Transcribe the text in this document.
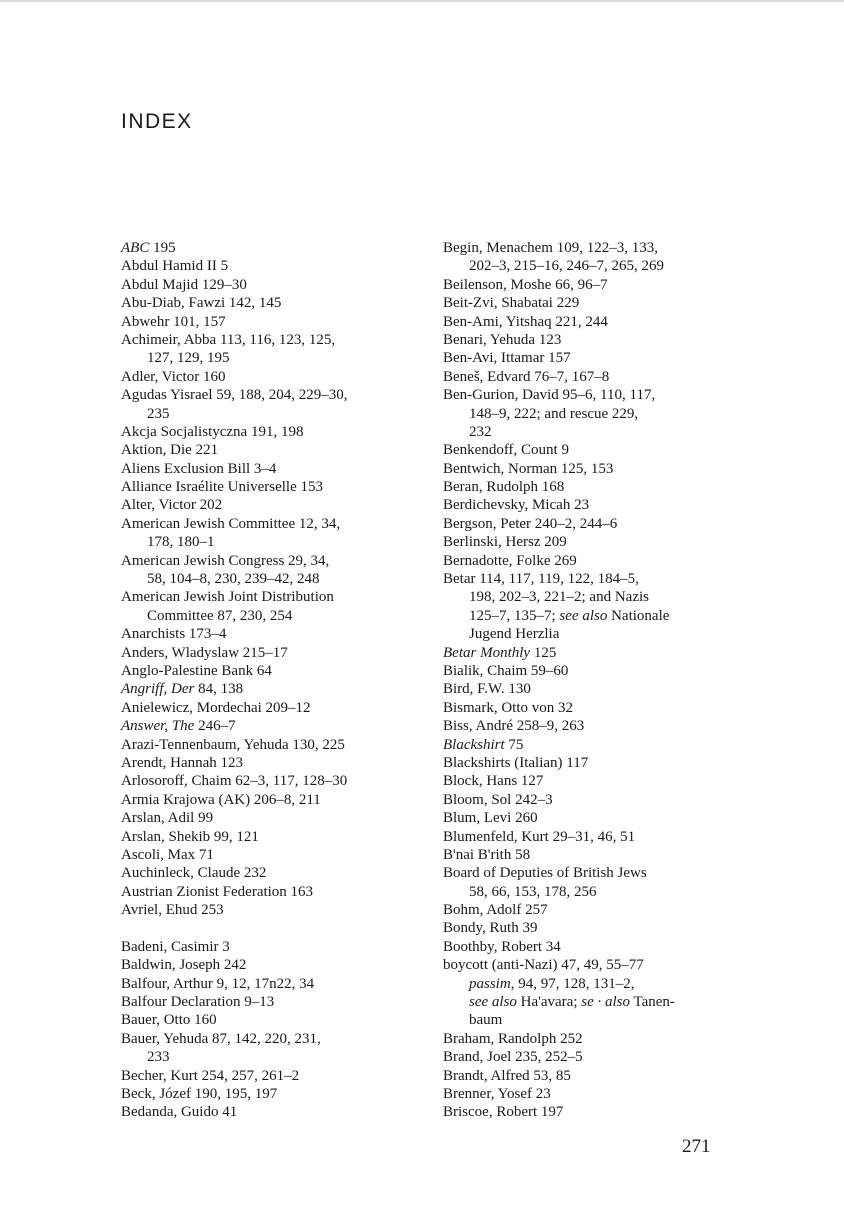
INDEX
ABC 195
Abdul Hamid II 5
Abdul Majid 129–30
Abu-Diab, Fawzi 142, 145
Abwehr 101, 157
Achimeir, Abba 113, 116, 123, 125,
127, 129, 195
Adler, Victor 160
Agudas Yisrael 59, 188, 204, 229–30,
235
Akcja Socjalistyczna 191, 198
Aktion, Die 221
Aliens Exclusion Bill 3–4
Alliance Israélite Universelle 153
Alter, Victor 202
American Jewish Committee 12, 34,
178, 180–1
American Jewish Congress 29, 34,
58, 104–8, 230, 239–42, 248
American Jewish Joint Distribution
Committee 87, 230, 254
Anarchists 173–4
Anders, Wladyslaw 215–17
Anglo-Palestine Bank 64
Angriff, Der 84, 138
Anielewicz, Mordechai 209–12
Answer, The 246–7
Arazi-Tennenbaum, Yehuda 130, 225
Arendt, Hannah 123
Arlosoroff, Chaim 62–3, 117, 128–30
Armia Krajowa (AK) 206–8, 211
Arslan, Adil 99
Arslan, Shekib 99, 121
Ascoli, Max 71
Auchinleck, Claude 232
Austrian Zionist Federation 163
Avriel, Ehud 253
Badeni, Casimir 3
Baldwin, Joseph 242
Balfour, Arthur 9, 12, 17n22, 34
Balfour Declaration 9–13
Bauer, Otto 160
Bauer, Yehuda 87, 142, 220, 231,
233
Becher, Kurt 254, 257, 261–2
Beck, Józef 190, 195, 197
Bedanda, Guido 41
Begin, Menachem 109, 122–3, 133,
202–3, 215–16, 246–7, 265, 269
Beilenson, Moshe 66, 96–7
Beit-Zvi, Shabatai 229
Ben-Ami, Yitshaq 221, 244
Benari, Yehuda 123
Ben-Avi, Ittamar 157
Beneš, Edvard 76–7, 167–8
Ben-Gurion, David 95–6, 110, 117,
148–9, 222; and rescue 229,
232
Benkendoff, Count 9
Bentwich, Norman 125, 153
Beran, Rudolph 168
Berdichevsky, Micah 23
Bergson, Peter 240–2, 244–6
Berlinski, Hersz 209
Bernadotte, Folke 269
Betar 114, 117, 119, 122, 184–5,
198, 202–3, 221–2; and Nazis
125–7, 135–7; see also Nationale
Jugend Herzlia
Betar Monthly 125
Bialik, Chaim 59–60
Bird, F.W. 130
Bismark, Otto von 32
Biss, André 258–9, 263
Blackshirt 75
Blackshirts (Italian) 117
Block, Hans 127
Bloom, Sol 242–3
Blum, Levi 260
Blumenfeld, Kurt 29–31, 46, 51
B'nai B'rith 58
Board of Deputies of British Jews
58, 66, 153, 178, 256
Bohm, Adolf 257
Bondy, Ruth 39
Boothby, Robert 34
boycott (anti-Nazi) 47, 49, 55–77
passim, 94, 97, 128, 131–2,
see also Ha'avara; se · also Tanen-
baum
Braham, Randolph 252
Brand, Joel 235, 252–5
Brandt, Alfred 53, 85
Brenner, Yosef 23
Briscoe, Robert 197
271
